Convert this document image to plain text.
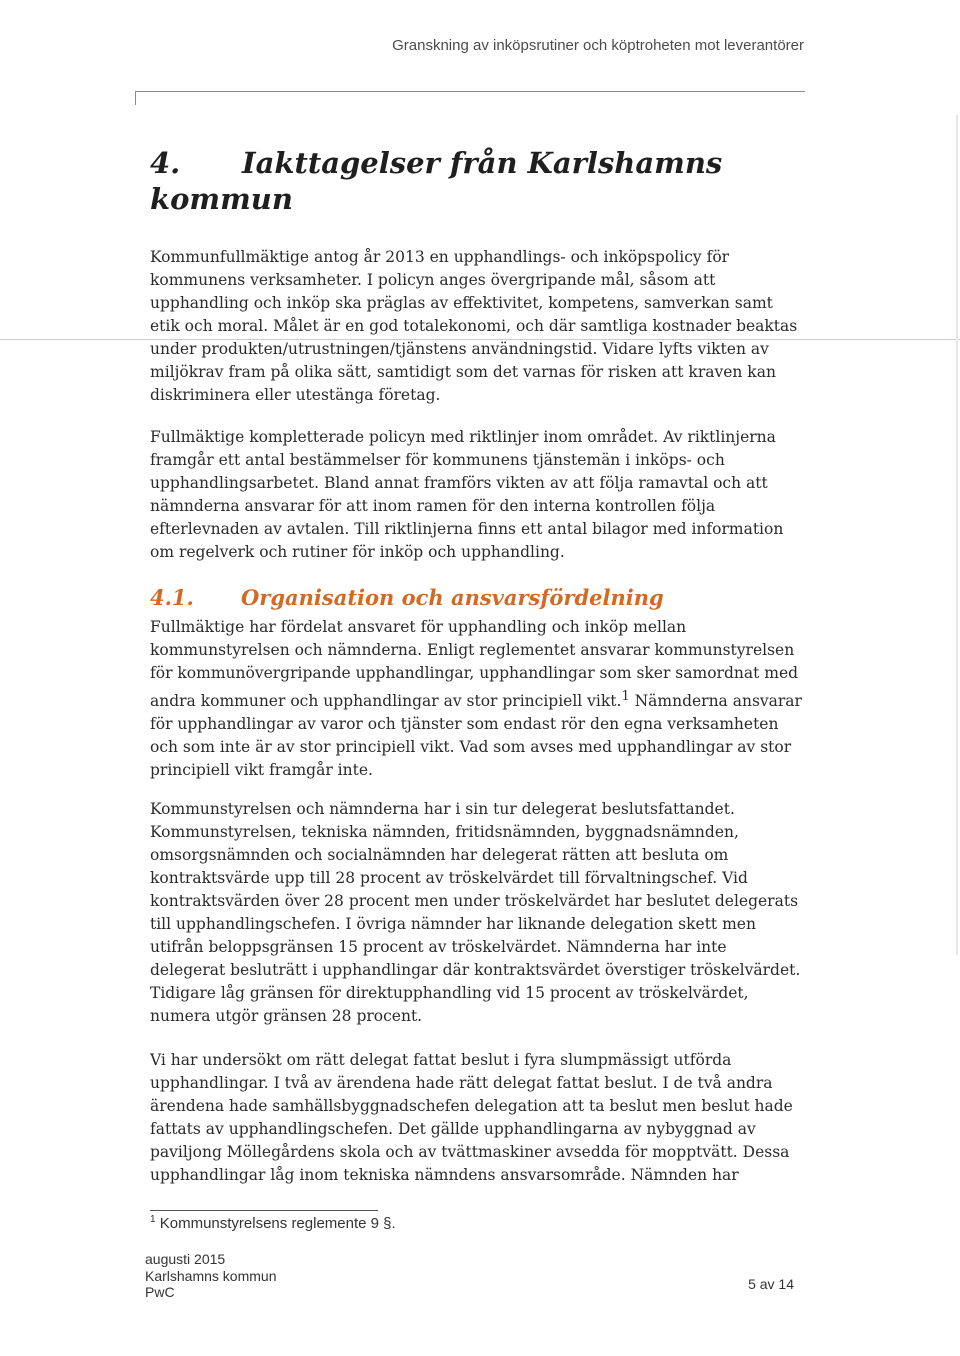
Granskning av inköpsrutiner och köptroheten mot leverantörer
4. Iakttagelser från Karlshamns kommun

Kommunfullmäktige antog år 2013 en upphandlings- och inköpspolicy för kommunens verksamheter. I policyn anges övergripande mål, såsom att upphandling och inköp ska präglas av effektivitet, kompetens, samverkan samt etik och moral. Målet är en god totalekonomi, och där samtliga kostnader beaktas under produkten/utrustningen/tjänstens användningstid. Vidare lyfts vikten av miljökrav fram på olika sätt, samtidigt som det varnas för risken att kraven kan diskriminera eller utestänga företag.

Fullmäktige kompletterade policyn med riktlinjer inom området. Av riktlinjerna framgår ett antal bestämmelser för kommunens tjänstemän i inköps- och upphandlingsarbetet. Bland annat framförs vikten av att följa ramavtal och att nämnderna ansvarar för att inom ramen för den interna kontrollen följa efterlevnaden av avtalen. Till riktlinjerna finns ett antal bilagor med information om regelverk och rutiner för inköp och upphandling.

4.1. Organisation och ansvarsfördelning

Fullmäktige har fördelat ansvaret för upphandling och inköp mellan kommunstyrelsen och nämnderna. Enligt reglementet ansvarar kommunstyrelsen för kommunövergripande upphandlingar, upphandlingar som sker samordnat med andra kommuner och upphandlingar av stor principiell vikt.$^1$ Nämnderna ansvarar för upphandlingar av varor och tjänster som endast rör den egna verksamheten och som inte är av stor principiell vikt. Vad som avses med upphandlingar av stor principiell vikt framgår inte.

Kommunstyrelsen och nämnderna har i sin tur delegerat beslutsfattandet. Kommunstyrelsen, tekniska nämnden, fritidsnämnden, byggnadsnämnden, omsorgsnämnden och socialnämnden har delegerat rätten att besluta om kontraktsvärde upp till 28 procent av tröskelvärdet till förvaltningschef. Vid kontraktsvärden över 28 procent men under tröskelvärdet har beslutet delegerats till upphandlingschefen. I övriga nämnder har liknande delegation skett men utifrån beloppsgränsen 15 procent av tröskelvärdet. Nämnderna har inte delegerat besluträtt i upphandlingar där kontraktsvärdet överstiger tröskelvärdet. Tidigare låg gränsen för direktupphandling vid 15 procent av tröskelvärdet, numera utgör gränsen 28 procent.

Vi har undersökt om rätt delegat fattat beslut i fyra slumpmässigt utförda upphandlingar. I två av ärendena hade rätt delegat fattat beslut. I de två andra ärendena hade samhällsbyggnadschefen delegation att ta beslut men beslut hade fattats av upphandlingschefen. Det gällde upphandlingarna av nybyggnad av paviljong Möllegårdens skola och av tvättmaskiner avsedda för mopptvätt. Dessa upphandlingar låg inom tekniska nämndens ansvarsområde. Nämnden har

$^1$ Kommunstyrelsens reglemente 9 §.
augusti 2015
Karlshamns kommun
PwC	5 av 14
